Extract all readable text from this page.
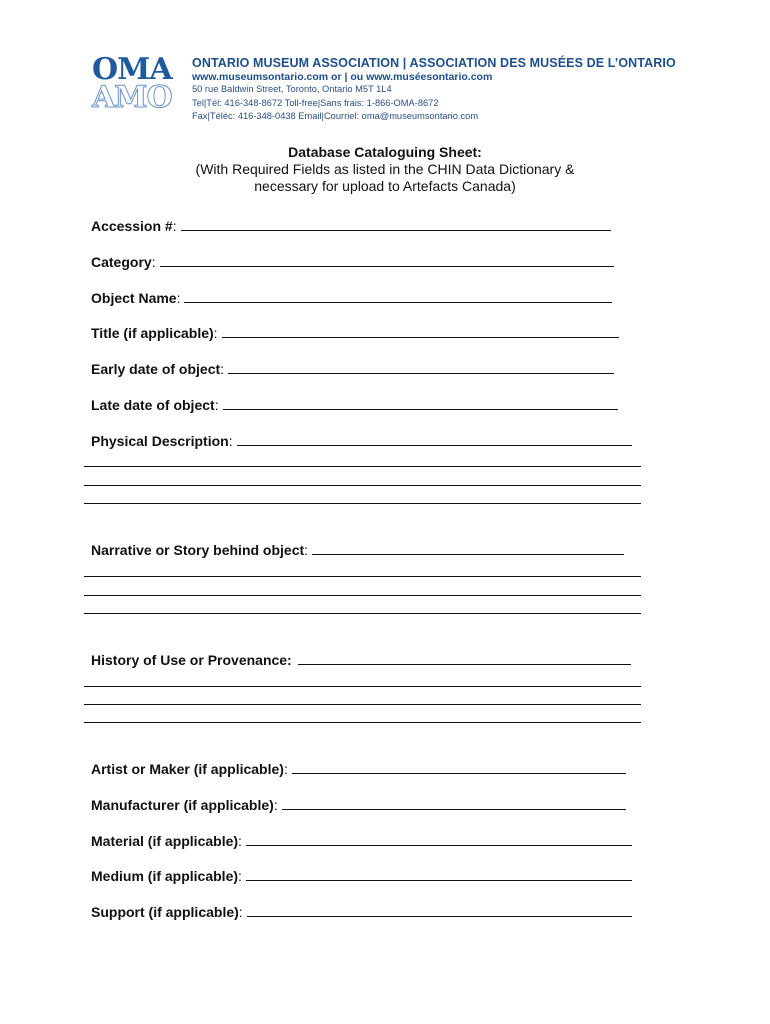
OMA
AMO
ONTARIO MUSEUM ASSOCIATION | ASSOCIATION DES MUSÉES DE L’ONTARIO
www.museumsontario.com or | ou www.muséesontario.com
50 rue Baldwin Street, Toronto, Ontario M5T 1L4
Tel|Tél: 416-348-8672 Toll-free|Sans frais: 1-866-OMA-8672
Fax|Téléc: 416-348-0438 Email|Courriel: oma@museumsontario.com
Database Cataloguing Sheet:
(With Required Fields as listed in the CHIN Data Dictionary &
necessary for upload to Artefacts Canada)
Accession # :
Category :
Object Name :
Title (if applicable) :
Early date of object :
Late date of object :
Physical Description :
Narrative or Story behind object :
History of Use or Provenance:
Artist or Maker (if applicable) :
Manufacturer (if applicable) :
Material (if applicable) :
Medium (if applicable) :
Support (if applicable) :
